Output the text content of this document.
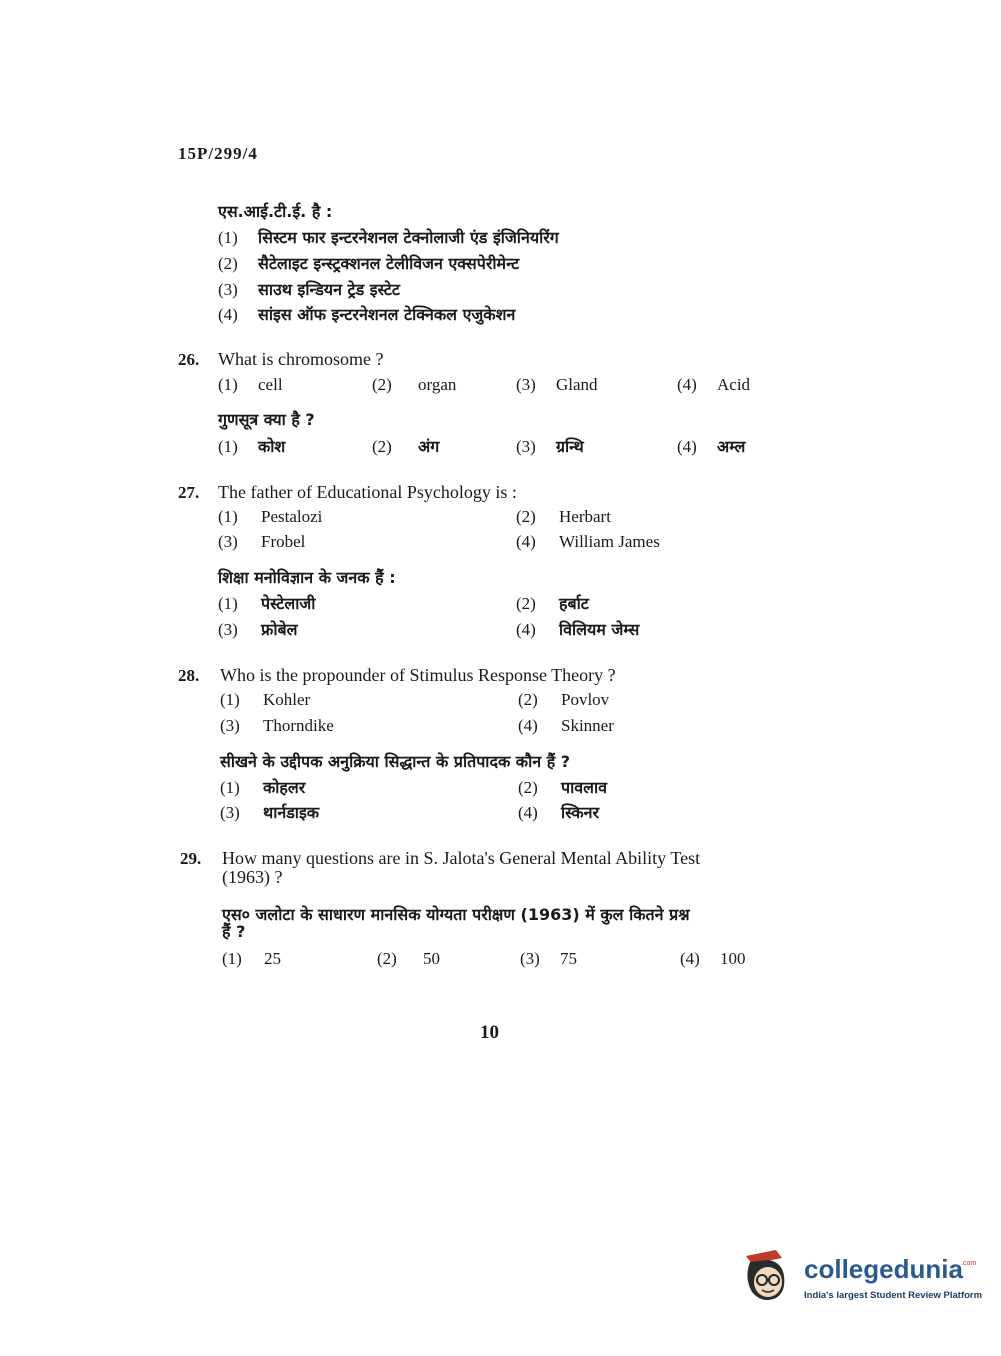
15P/299/4
एस.आई.टी.ई. है :
(1) सिस्टम फार इन्टरनेशनल टेक्नोलाजी एंड इंजिनियरिंग
(2) सैटेलाइट इन्स्ट्रक्शनल टेलीविजन एक्सपेरीमेन्ट
(3) साउथ इन्डियन ट्रेड इस्टेट
(4) सांइस ऑफ इन्टरनेशनल टेक्निकल एजुकेशन
26. What is chromosome ?
(1) cell	(2) organ	(3) Gland	(4) Acid
गुणसूत्र क्या है ?
(1) कोश	(2) अंग	(3) ग्रन्थि	(4) अम्ल
27. The father of Educational Psychology is :
(1) Pestalozi	(2) Herbart
(3) Frobel	(4) William James
शिक्षा मनोविज्ञान के जनक हैं :
(1) पेस्टेलाजी	(2) हर्बाट
(3) फ्रोबेल	(4) विलियम जेम्स
28. Who is the propounder of Stimulus Response Theory ?
(1) Kohler	(2) Povlov
(3) Thorndike	(4) Skinner
सीखने के उद्दीपक अनुक्रिया सिद्धान्त के प्रतिपादक कौन हैं ?
(1) कोहलर	(2) पावलाव
(3) थार्नडाइक	(4) स्किनर
29. How many questions are in S. Jalota's General Mental Ability Test
(1963) ?
एस० जलोटा के साधारण मानसिक योग्यता परीक्षण (1963) में कुल कितने प्रश्न
हैं ?
(1) 25	(2) 50	(3) 75	(4) 100
10
collegedunia
.com
India's largest Student Review Platform
